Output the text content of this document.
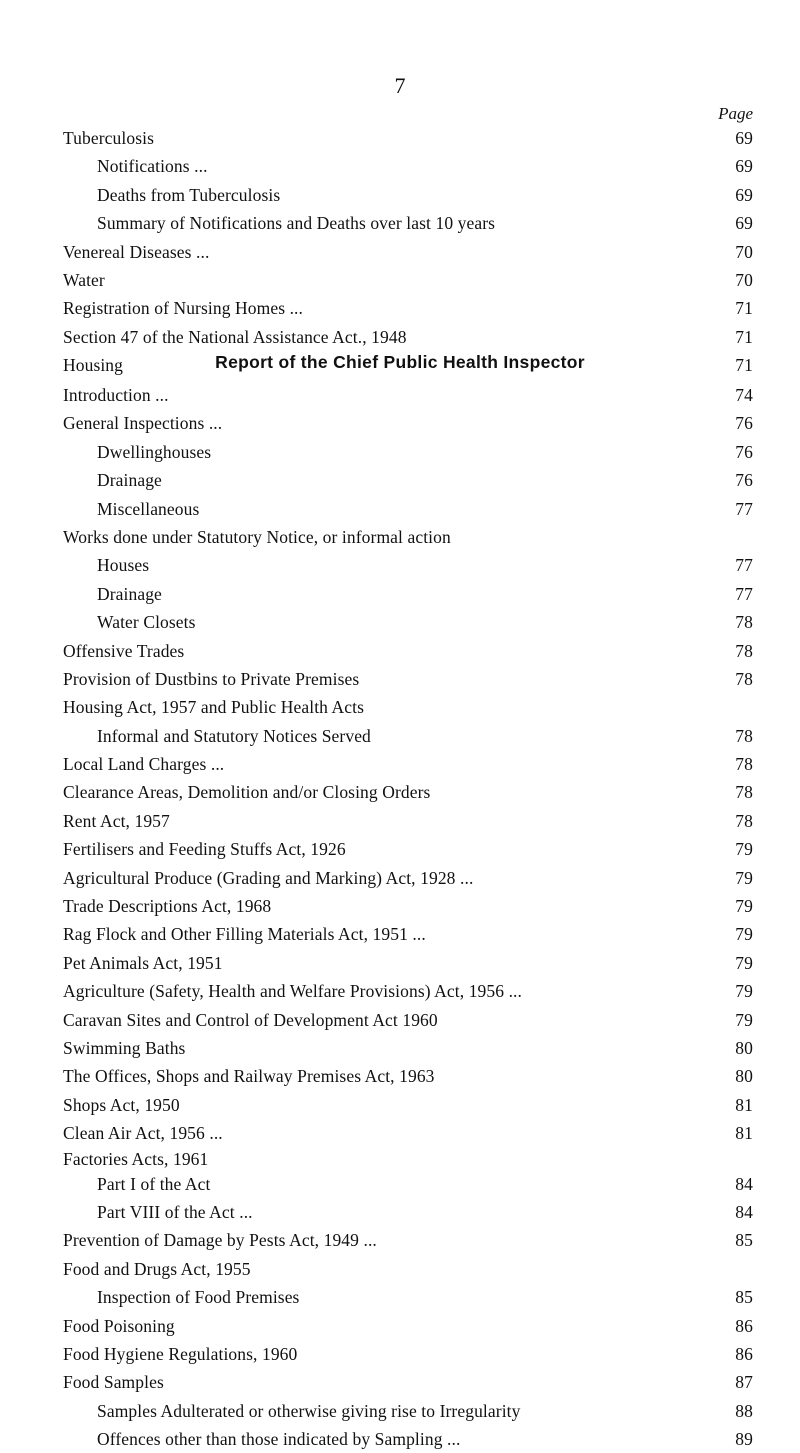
7
Page
Tuberculosis	69
Notifications ...	69
Deaths from Tuberculosis	69
Summary of Notifications and Deaths over last 10 years	69
Venereal Diseases ...	70
Water	70
Registration of Nursing Homes ...	71
Section 47 of the National Assistance Act., 1948	71
Housing	71
Report of the Chief Public Health Inspector
Introduction ...	74
General Inspections ...	76
Dwellinghouses	76
Drainage	76
Miscellaneous	77
Works done under Statutory Notice, or informal action
Houses	77
Drainage	77
Water Closets	78
Offensive Trades	78
Provision of Dustbins to Private Premises	78
Housing Act, 1957 and Public Health Acts
Informal and Statutory Notices Served	78
Local Land Charges ...	78
Clearance Areas, Demolition and/or Closing Orders	78
Rent Act, 1957	78
Fertilisers and Feeding Stuffs Act, 1926	79
Agricultural Produce (Grading and Marking) Act, 1928 ...	79
Trade Descriptions Act, 1968	79
Rag Flock and Other Filling Materials Act, 1951 ...	79
Pet Animals Act, 1951	79
Agriculture (Safety, Health and Welfare Provisions) Act, 1956 ...	79
Caravan Sites and Control of Development Act 1960	79
Swimming Baths	80
The Offices, Shops and Railway Premises Act, 1963	80
Shops Act, 1950	81
Clean Air Act, 1956 ...	81
Factories Acts, 1961
Part I of the Act	84
Part VIII of the Act ...	84
Prevention of Damage by Pests Act, 1949 ...	85
Food and Drugs Act, 1955
Inspection of Food Premises	85
Food Poisoning	86
Food Hygiene Regulations, 1960	86
Food Samples	87
Samples Adulterated or otherwise giving rise to Irregularity	88
Offences other than those indicated by Sampling ...	89
